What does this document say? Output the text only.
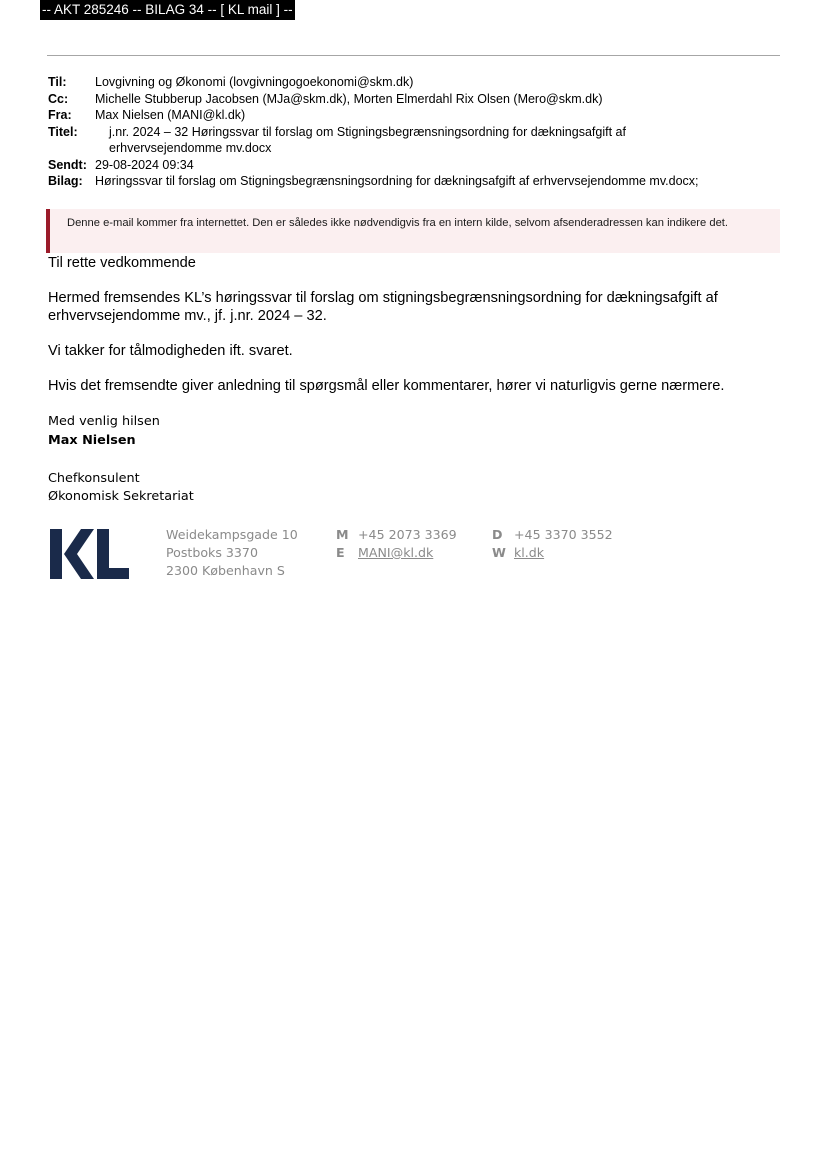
-- AKT 285246 -- BILAG 34 -- [ KL mail ] --
Til:	Lovgivning og Økonomi (lovgivningogoekonomi@skm.dk)
Cc:	Michelle Stubberup Jacobsen (MJa@skm.dk), Morten Elmerdahl Rix Olsen (Mero@skm.dk)
Fra:	Max Nielsen (MANI@kl.dk)
Titel:	j.nr. 2024 – 32 Høringssvar til forslag om Stigningsbegrænsningsordning for dækningsafgift af
erhvervsejendomme mv.docx
Sendt: 29-08-2024 09:34
Bilag: Høringssvar til forslag om Stigningsbegrænsningsordning for dækningsafgift af erhvervsejendomme mv.docx;
Denne e-mail kommer fra internettet. Den er således ikke nødvendigvis fra en intern kilde, selvom afsenderadressen kan indikere det.
Til rette vedkommende
Hermed fremsendes KL’s høringssvar til forslag om stigningsbegrænsningsordning for dækningsafgift af erhvervsejendomme mv., jf. j.nr. 2024 – 32.
Vi takker for tålmodigheden ift. svaret.
Hvis det fremsendte giver anledning til spørgsmål eller kommentarer, hører vi naturligvis gerne nærmere.
Med venlig hilsen
Max Nielsen
Chefkonsulent
Økonomisk Sekretariat
Weidekampsgade 10
Postboks 3370
2300 København S
M +45 2073 3369
E MANI@kl.dk
D +45 3370 3552
W kl.dk
